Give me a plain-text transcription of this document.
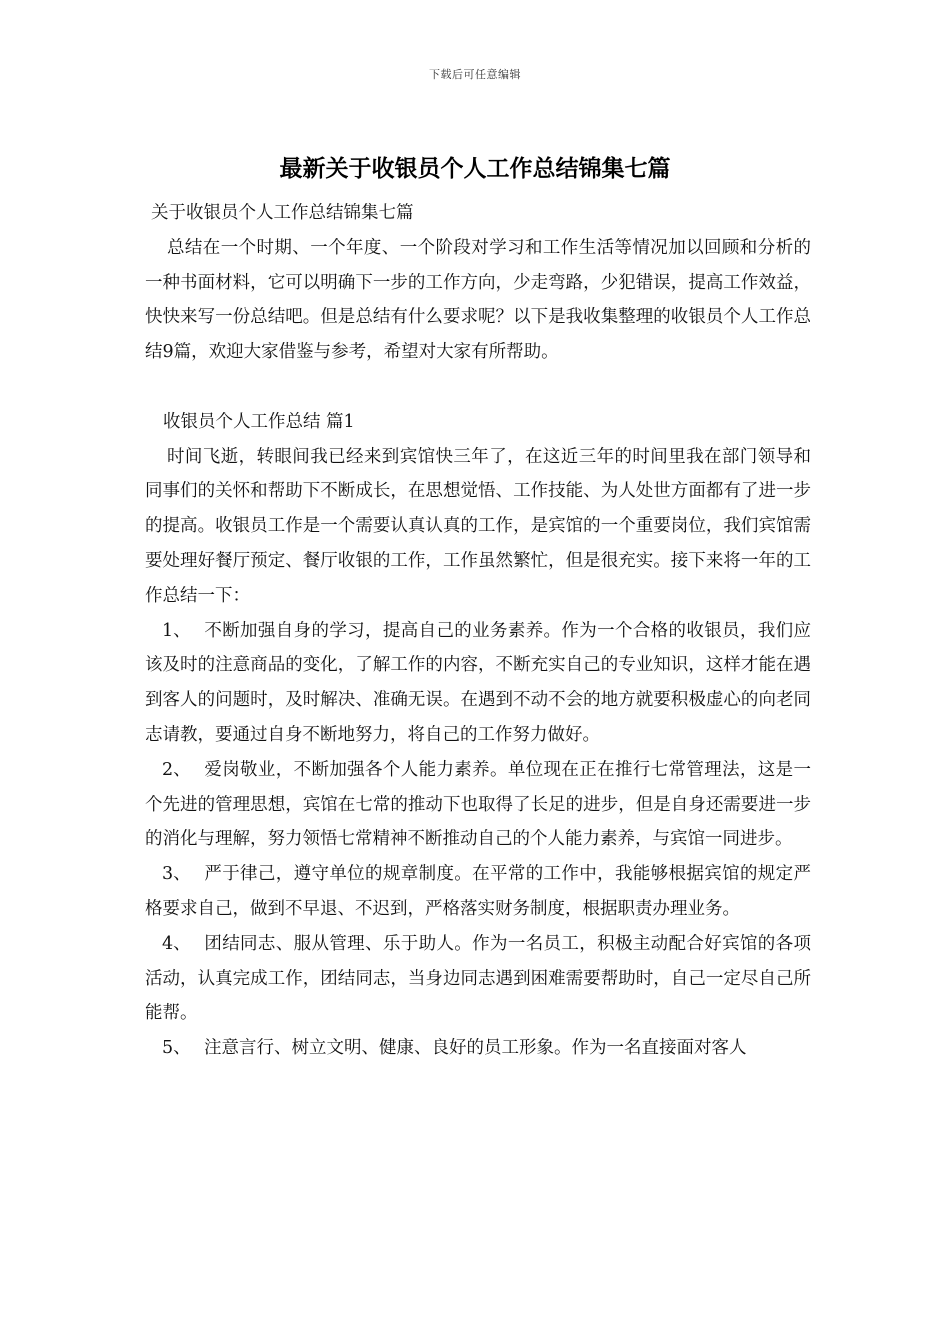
下载后可任意编辑
最新关于收银员个人工作总结锦集七篇

关于收银员个人工作总结锦集七篇

总结在一个时期、一个年度、一个阶段对学习和工作生活等情况加以回顾和分析的一种书面材料，它可以明确下一步的工作方向，少走弯路，少犯错误，提高工作效益，快快来写一份总结吧。但是总结有什么要求呢？以下是我收集整理的收银员个人工作总结9篇，欢迎大家借鉴与参考，希望对大家有所帮助。

收银员个人工作总结 篇1

时间飞逝，转眼间我已经来到宾馆快三年了，在这近三年的时间里我在部门领导和同事们的关怀和帮助下不断成长，在思想觉悟、工作技能、为人处世方面都有了进一步的提高。收银员工作是一个需要认真认真的工作，是宾馆的一个重要岗位，我们宾馆需要处理好餐厅预定、餐厅收银的工作，工作虽然繁忙，但是很充实。接下来将一年的工作总结一下：

1、 不断加强自身的学习，提高自己的业务素养。作为一个合格的收银员，我们应该及时的注意商品的变化，了解工作的内容，不断充实自己的专业知识，这样才能在遇到客人的问题时，及时解决、准确无误。在遇到不动不会的地方就要积极虚心的向老同志请教，要通过自身不断地努力，将自己的工作努力做好。

2、 爱岗敬业，不断加强各个人能力素养。单位现在正在推行七常管理法，这是一个先进的管理思想，宾馆在七常的推动下也取得了长足的进步，但是自身还需要进一步的消化与理解，努力领悟七常精神不断推动自己的个人能力素养，与宾馆一同进步。

3、 严于律己，遵守单位的规章制度。在平常的工作中，我能够根据宾馆的规定严格要求自己，做到不早退、不迟到，严格落实财务制度，根据职责办理业务。

4、 团结同志、服从管理、乐于助人。作为一名员工，积极主动配合好宾馆的各项活动，认真完成工作，团结同志，当身边同志遇到困难需要帮助时，自己一定尽自己所能帮。

5、 注意言行、树立文明、健康、良好的员工形象。作为一名直接面对客人
